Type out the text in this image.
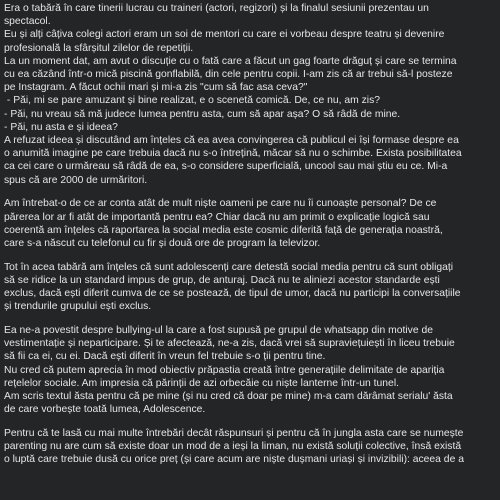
Era o tabără în care tinerii lucrau cu traineri (actori, regizori) și la finalul sesiunii prezentau un
spectacol.
Eu și alți câțiva colegi actori eram un soi de mentori cu care ei vorbeau despre teatru și devenire
profesională la sfârșitul zilelor de repetiții.
La un moment dat, am avut o discuție cu o fată care a făcut un gag foarte drăguț și care se termina
cu ea căzând într-o mică piscină gonflabilă, din cele pentru copii. I-am zis că ar trebui să-l posteze
pe Instagram. A făcut ochii mari și mi-a zis "cum să fac asa ceva?"
- Păi, mi se pare amuzant și bine realizat, e o scenetă comică. De, ce nu, am zis?
- Păi, nu vreau să mă judece lumea pentru asta, cum să apar așa? O să râdă de mine.
- Păi, nu asta e și ideea?
A refuzat ideea și discutând am înțeles că ea avea convingerea că publicul ei își formase despre ea
o anumită imagine pe care trebuia dacă nu s-o întrețină, măcar să nu o schimbe. Exista posibilitatea
ca cei care o urmăreau să râdă de ea, s-o considere superficială, uncool sau mai știu eu ce. Mi-a
spus că are 2000 de urmăritori.
Am întrebat-o de ce ar conta atât de mult niște oameni pe care nu îi cunoaște personal? De ce
părerea lor ar fi atât de importantă pentru ea? Chiar dacă nu am primit o explicație logică sau
coerentă am înțeles că raportarea la social media este cosmic diferită față de generația noastră,
care s-a născut cu telefonul cu fir și două ore de program la televizor.
Tot în acea tabără am înțeles că sunt adolescenți care detestă social media pentru că sunt obligați
să se ridice la un standard impus de grup, de anturaj. Dacă nu te aliniezi acestor standarde ești
exclus, dacă ești diferit cumva de ce se postează, de tipul de umor, dacă nu participi la conversațiile
și trendurile grupului ești exclus.
Ea ne-a povestit despre bullying-ul la care a fost supusă pe grupul de whatsapp din motive de
vestimentație și neparticipare. Și te afectează, ne-a zis, dacă vrei să supraviețuiești în liceu trebuie
să fii ca ei, cu ei. Dacă ești diferit în vreun fel trebuie s-o ții pentru tine.
Nu cred că putem aprecia în mod obiectiv prăpastia creată între generațiile delimitate de apariția
rețelelor sociale. Am impresia că părinții de azi orbecăie cu niște lanterne într-un tunel.
Am scris textul ăsta pentru că pe mine (și nu cred că doar pe mine) m-a cam dărâmat serialu' ăsta
de care vorbește toată lumea, Adolescence.
Pentru că te lasă cu mai multe întrebări decât răspunsuri și pentru că în jungla asta care se numește
parenting nu are cum să existe doar un mod de a ieși la liman, nu există soluții colective, însă există
o luptă care trebuie dusă cu orice preț (și care acum are niște dușmani uriași și invizibili): aceea de a
